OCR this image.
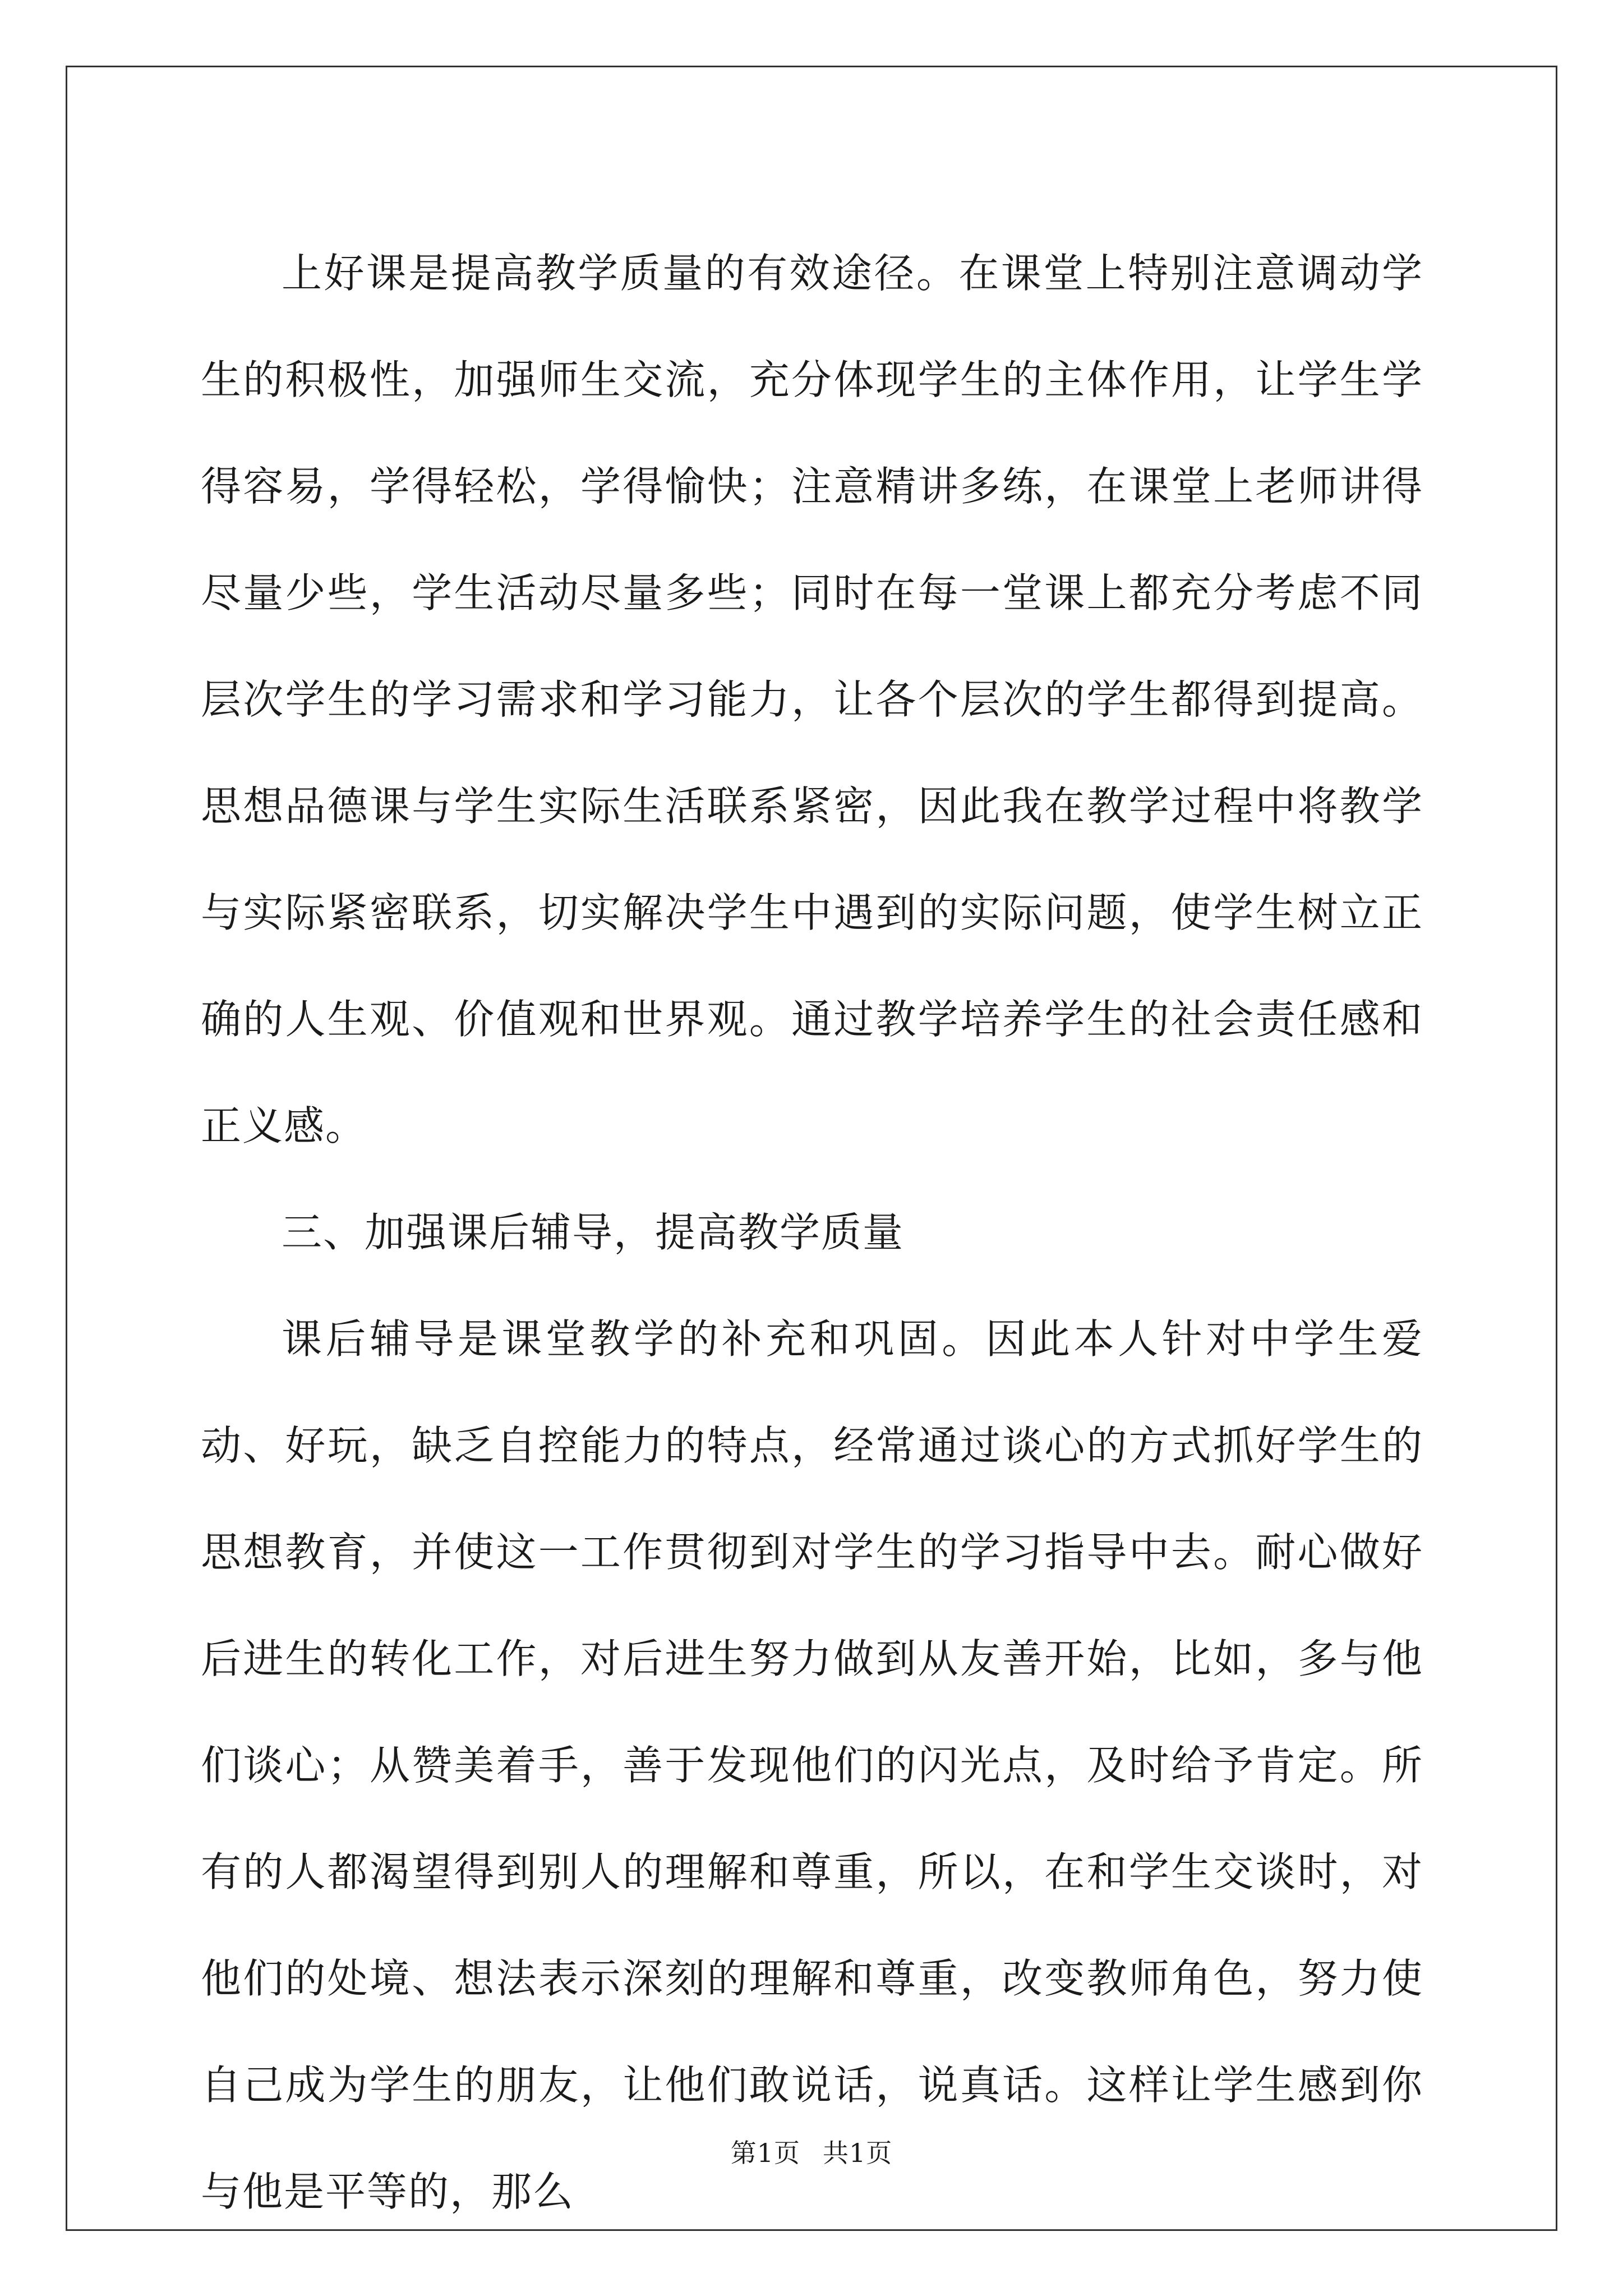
上好课是提高教学质量的有效途径。在课堂上特别注意调动学生的积极性，加强师生交流，充分体现学生的主体作用，让学生学得容易，学得轻松，学得愉快；注意精讲多练，在课堂上老师讲得尽量少些，学生活动尽量多些；同时在每一堂课上都充分考虑不同层次学生的学习需求和学习能力，让各个层次的学生都得到提高。思想品德课与学生实际生活联系紧密，因此我在教学过程中将教学与实际紧密联系，切实解决学生中遇到的实际问题，使学生树立正确的人生观、价值观和世界观。通过教学培养学生的社会责任感和正义感。

三、加强课后辅导，提高教学质量

课后辅导是课堂教学的补充和巩固。因此本人针对中学生爱动、好玩，缺乏自控能力的特点，经常通过谈心的方式抓好学生的思想教育，并使这一工作贯彻到对学生的学习指导中去。耐心做好后进生的转化工作，对后进生努力做到从友善开始，比如，多与他们谈心；从赞美着手，善于发现他们的闪光点，及时给予肯定。所有的人都渴望得到别人的理解和尊重，所以，在和学生交谈时，对他们的处境、想法表示深刻的理解和尊重，改变教师角色，努力使自己成为学生的朋友，让他们敢说话，说真话。这样让学生感到你与他是平等的，那么

第1页 共1页
